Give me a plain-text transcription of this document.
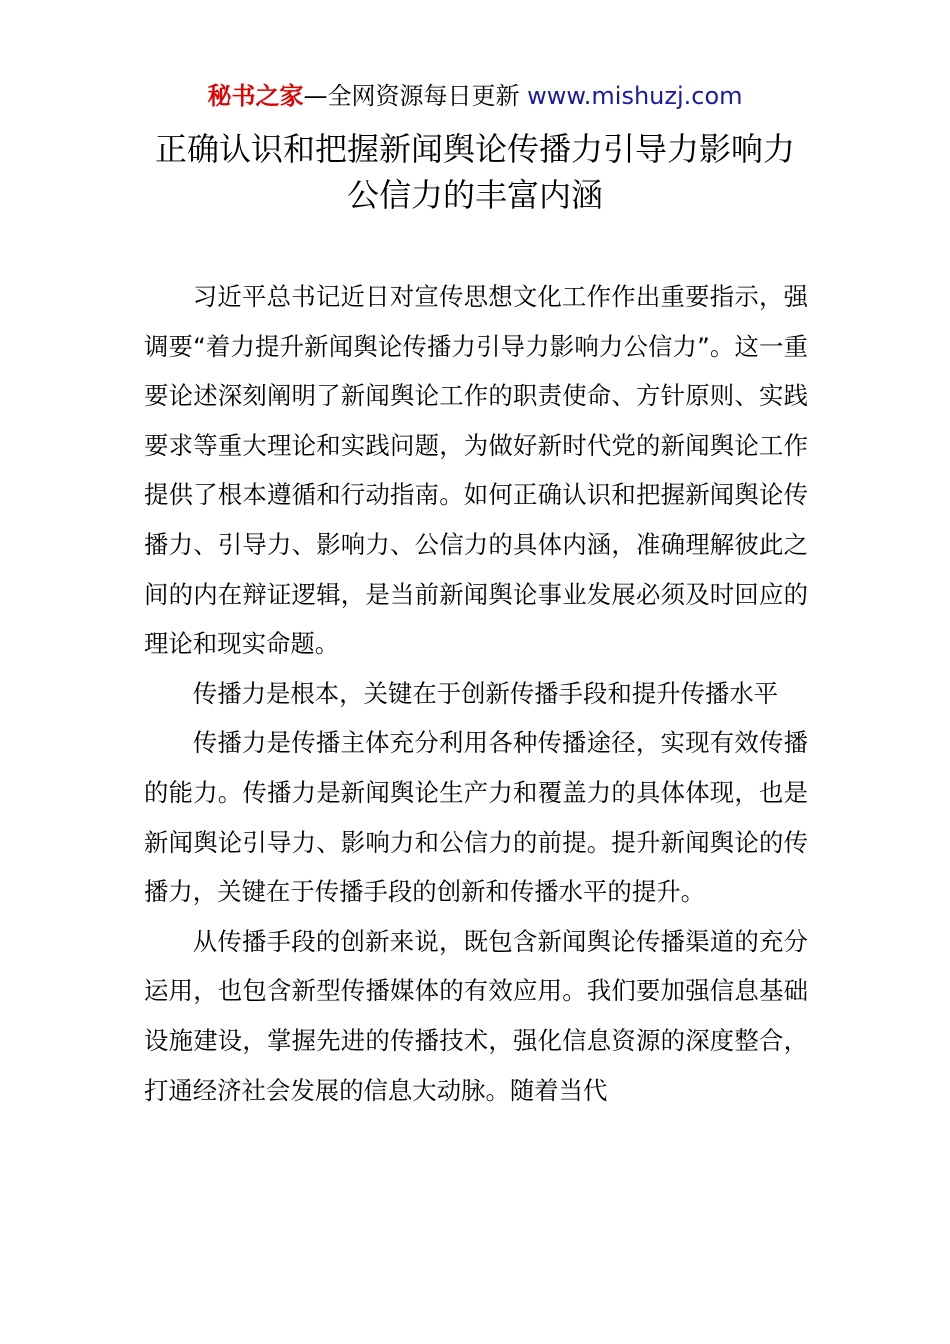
秘书之家—全网资源每日更新 www.mishuzj.com
正确认识和把握新闻舆论传播力引导力影响力
公信力的丰富内涵

习近平总书记近日对宣传思想文化工作作出重要指示，强调要“着力提升新闻舆论传播力引导力影响力公信力”。这一重要论述深刻阐明了新闻舆论工作的职责使命、方针原则、实践要求等重大理论和实践问题，为做好新时代党的新闻舆论工作提供了根本遵循和行动指南。如何正确认识和把握新闻舆论传播力、引导力、影响力、公信力的具体内涵，准确理解彼此之间的内在辩证逻辑，是当前新闻舆论事业发展必须及时回应的理论和现实命题。

传播力是根本，关键在于创新传播手段和提升传播水平

传播力是传播主体充分利用各种传播途径，实现有效传播的能力。传播力是新闻舆论生产力和覆盖力的具体体现，也是新闻舆论引导力、影响力和公信力的前提。提升新闻舆论的传播力，关键在于传播手段的创新和传播水平的提升。

从传播手段的创新来说，既包含新闻舆论传播渠道的充分运用，也包含新型传播媒体的有效应用。我们要加强信息基础设施建设，掌握先进的传播技术，强化信息资源的深度整合，打通经济社会发展的信息大动脉。随着当代
